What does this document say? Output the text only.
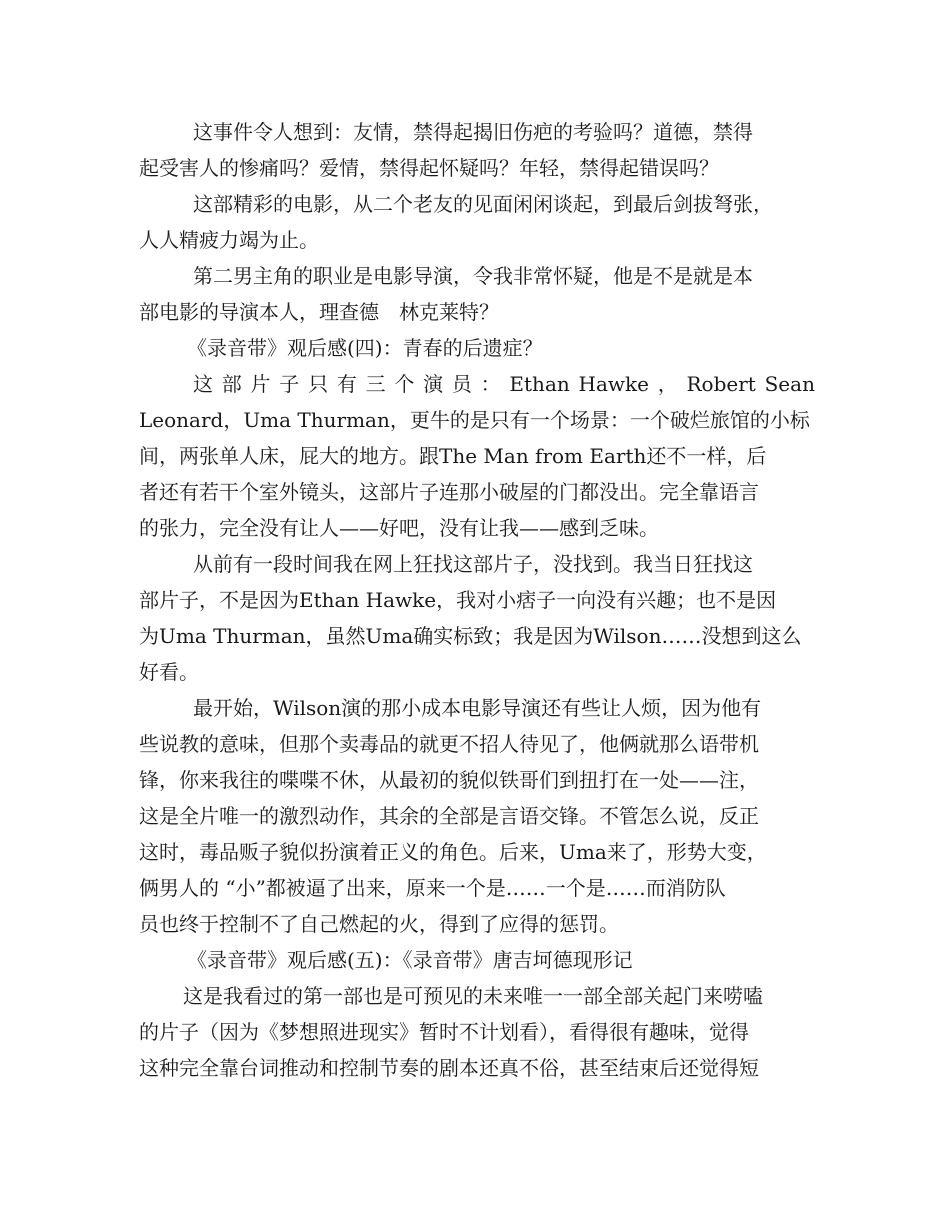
这事件令人想到：友情，禁得起揭旧伤疤的考验吗？道德，禁得
起受害人的惨痛吗？爱情，禁得起怀疑吗？年轻，禁得起错误吗？
这部精彩的电影，从二个老友的见面闲闲谈起，到最后剑拔弩张，
人人精疲力竭为止。
第二男主角的职业是电影导演，令我非常怀疑，他是不是就是本
部电影的导演本人，理查德　林克莱特？
《录音带》观后感(四)：青春的后遗症？
这 部 片 子 只 有 三 个 演 员 ： Ethan Hawke ， Robert Sean
Leonard，Uma Thurman，更牛的是只有一个场景：一个破烂旅馆的小标
间，两张单人床，屁大的地方。跟The Man from Earth还不一样，后
者还有若干个室外镜头，这部片子连那小破屋的门都没出。完全靠语言
的张力，完全没有让人——好吧，没有让我——感到乏味。
从前有一段时间我在网上狂找这部片子，没找到。我当日狂找这
部片子，不是因为Ethan Hawke，我对小痞子一向没有兴趣；也不是因
为Uma Thurman，虽然Uma确实标致；我是因为Wilson……没想到这么
好看。
最开始，Wilson演的那小成本电影导演还有些让人烦，因为他有
些说教的意味，但那个卖毒品的就更不招人待见了，他俩就那么语带机
锋，你来我往的喋喋不休，从最初的貌似铁哥们到扭打在一处——注，
这是全片唯一的激烈动作，其余的全部是言语交锋。不管怎么说，反正
这时，毒品贩子貌似扮演着正义的角色。后来，Uma来了，形势大变，
俩男人的 “小”都被逼了出来，原来一个是……一个是……而消防队
员也终于控制不了自己燃起的火，得到了应得的惩罚。
《录音带》观后感(五)：《录音带》唐吉坷德现形记
这是我看过的第一部也是可预见的未来唯一一部全部关起门来唠嗑
的片子（因为《梦想照进现实》暂时不计划看），看得很有趣味，觉得
这种完全靠台词推动和控制节奏的剧本还真不俗，甚至结束后还觉得短
